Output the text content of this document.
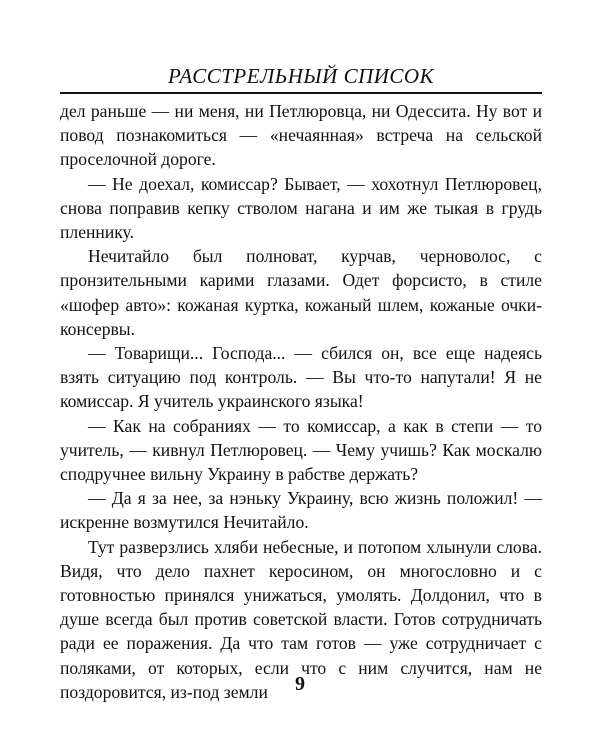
РАССТРЕЛЬНЫЙ СПИСОК

дел раньше — ни меня, ни Петлюровца, ни Одессита. Ну вот и повод познакомиться — «нечаянная» встреча на сельской проселочной дороге.

— Не доехал, комиссар? Бывает, — хохотнул Петлюровец, снова поправив кепку стволом нагана и им же тыкая в грудь пленнику.

Нечитайло был полноват, курчав, черноволос, с пронзительными карими глазами. Одет форсисто, в стиле «шофер авто»: кожаная куртка, кожаный шлем, кожаные очки-консервы.

— Товарищи... Господа... — сбился он, все еще надеясь взять ситуацию под контроль. — Вы что-то напутали! Я не комиссар. Я учитель украинского языка!

— Как на собраниях — то комиссар, а как в степи — то учитель, — кивнул Петлюровец. — Чему учишь? Как москалю сподручнее вильну Украину в рабстве держать?

— Да я за нее, за нэньку Украину, всю жизнь положил! — искренне возмутился Нечитайло.

Тут разверзлись хляби небесные, и потопом хлынули слова. Видя, что дело пахнет керосином, он многословно и с готовностью принялся унижаться, умолять. Долдонил, что в душе всегда был против советской власти. Готов сотрудничать ради ее поражения. Да что там готов — уже сотрудничает с поляками, от которых, если что с ним случится, нам не поздоровится, из-под земли	9
